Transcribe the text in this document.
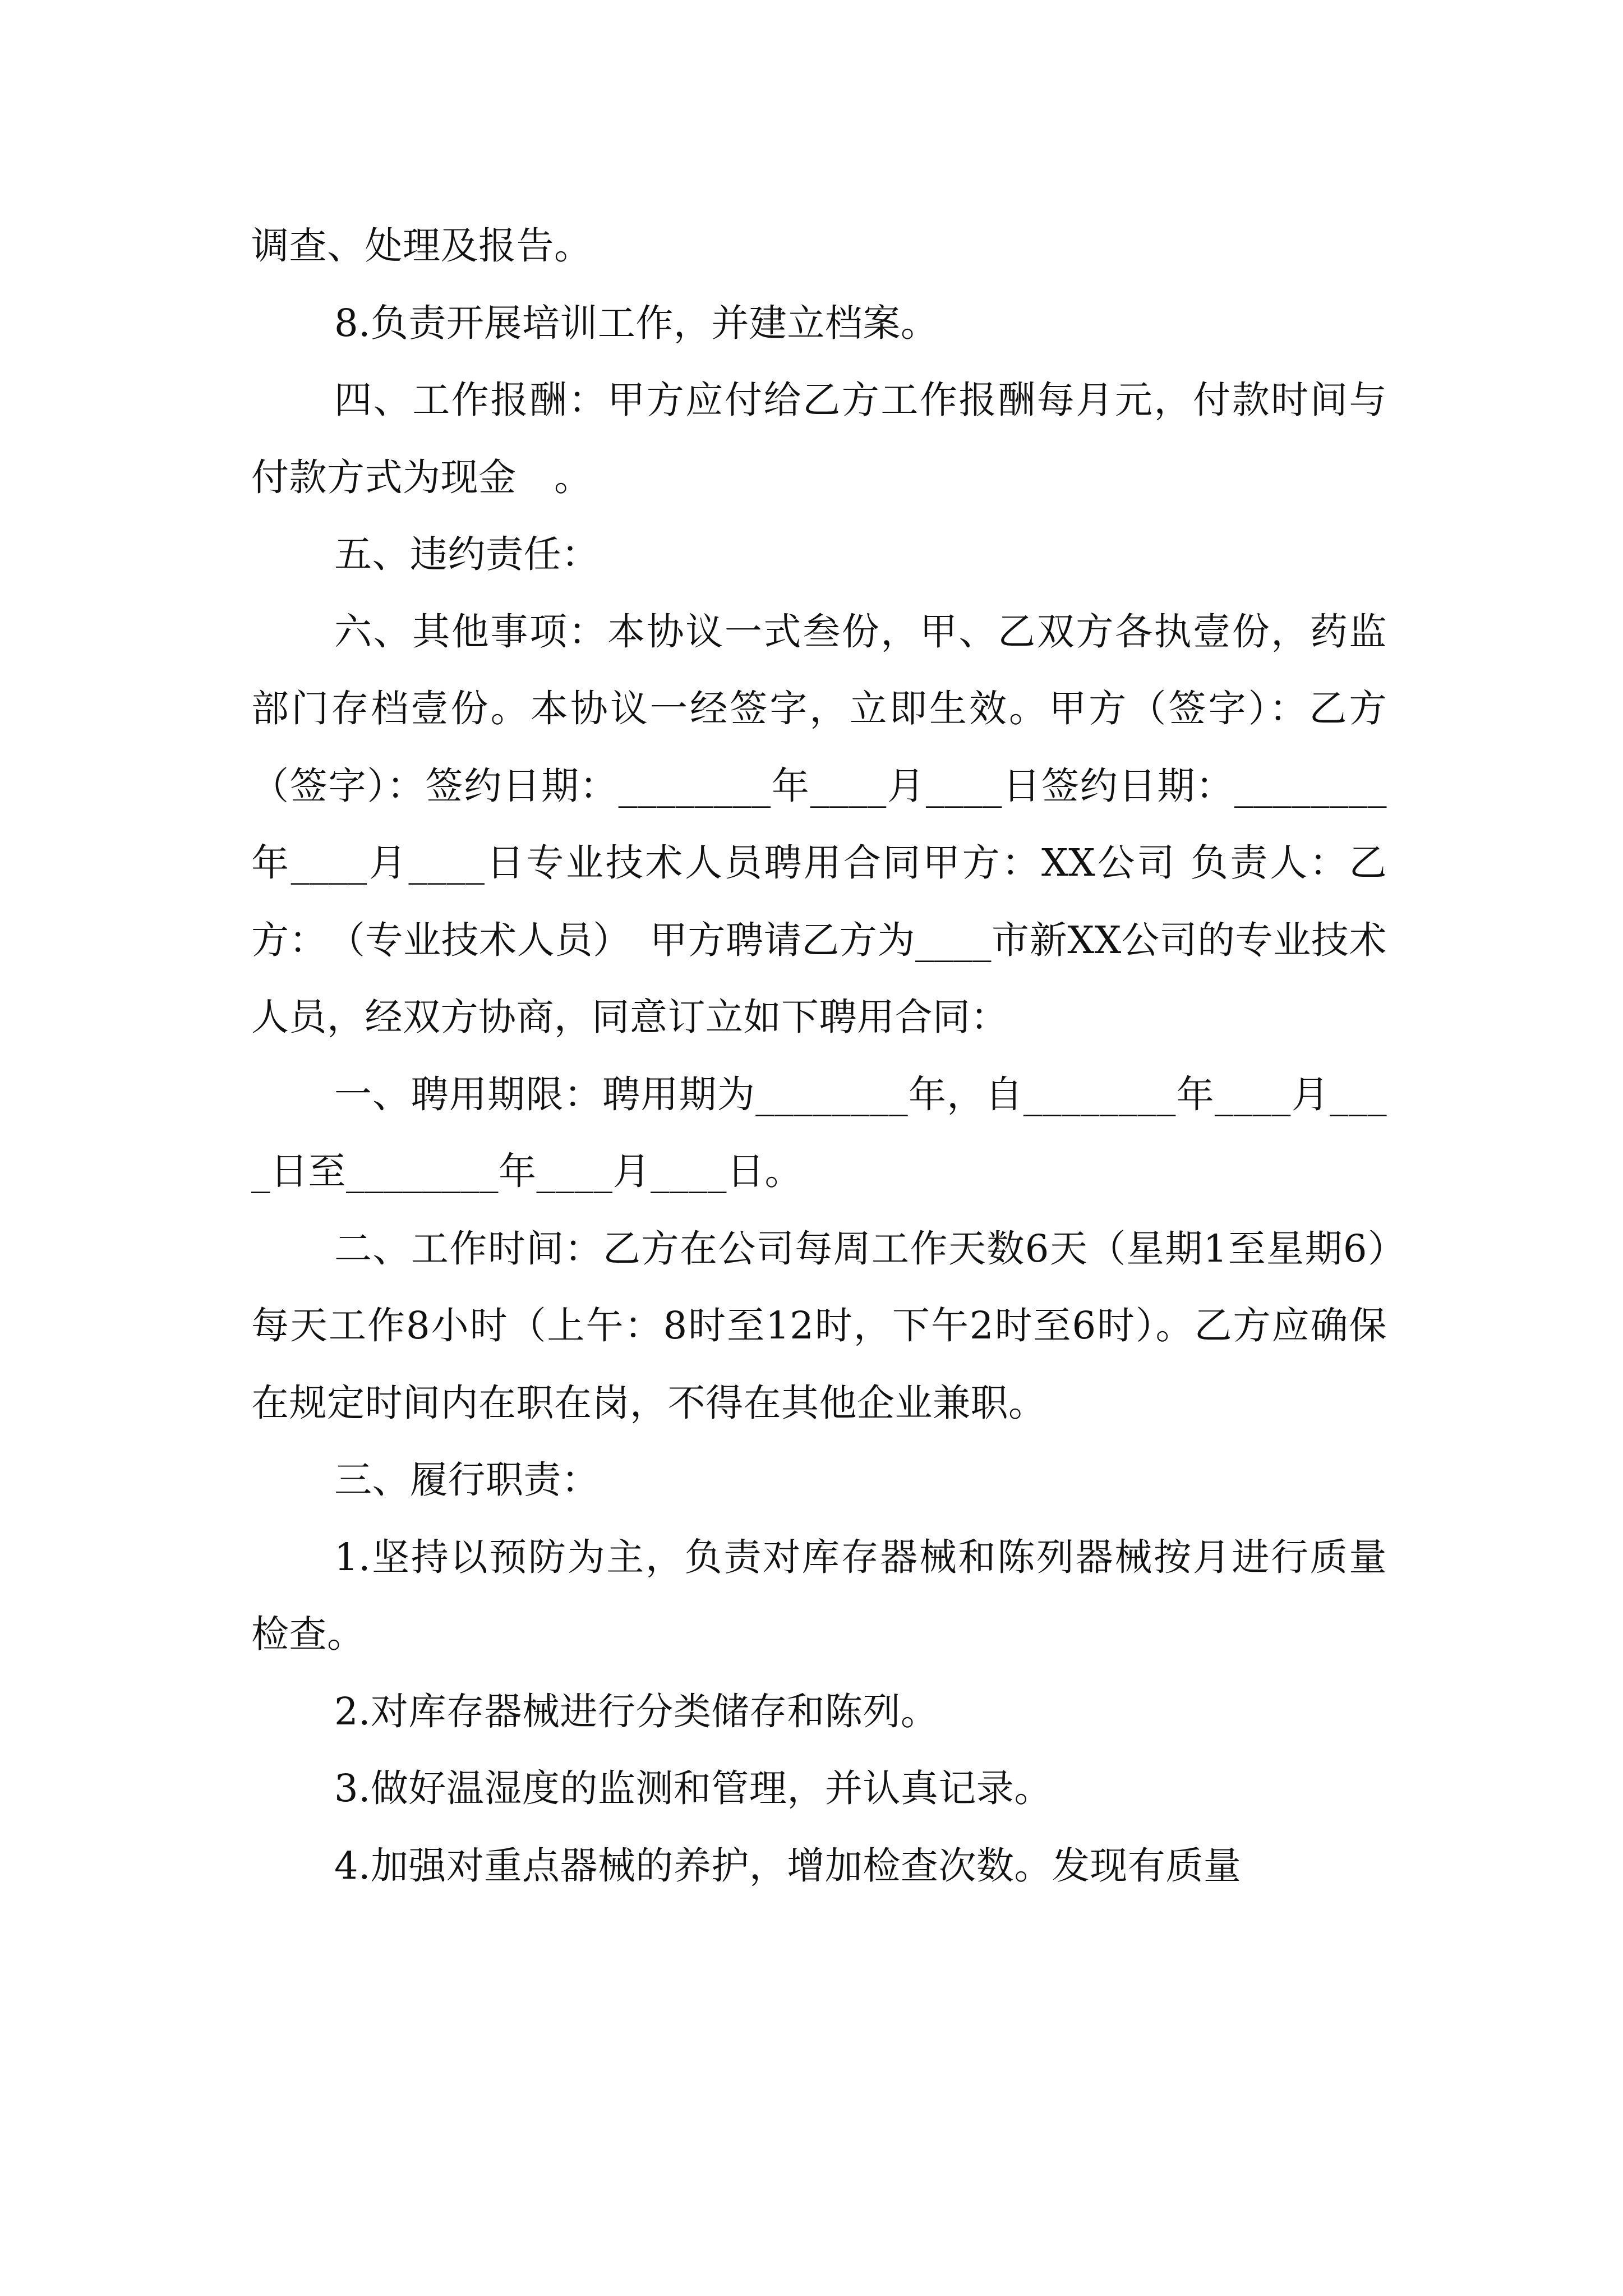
调查、处理及报告。

8.负责开展培训工作，并建立档案。

四、工作报酬：甲方应付给乙方工作报酬每月元，付款时间与付款方式为现金　。

五、违约责任：

六、其他事项：本协议一式叁份，甲、乙双方各执壹份，药监部门存档壹份。本协议一经签字，立即生效。甲方（签字）：乙方（签字）：签约日期：________年____月____日签约日期：________年____月____日专业技术人员聘用合同甲方：XX公司 负责人：乙方：　（专业技术人员）　甲方聘请乙方为____市新XX公司的专业技术人员，经双方协商，同意订立如下聘用合同：

一、聘用期限：聘用期为________年，自________年____月____日至________年____月____日。

二、工作时间：乙方在公司每周工作天数6天（星期1至星期6）每天工作8小时（上午：8时至12时，下午2时至6时）。乙方应确保在规定时间内在职在岗，不得在其他企业兼职。

三、履行职责：

1.坚持以预防为主，负责对库存器械和陈列器械按月进行质量检查。

2.对库存器械进行分类储存和陈列。

3.做好温湿度的监测和管理，并认真记录。

4.加强对重点器械的养护，增加检查次数。发现有质量
